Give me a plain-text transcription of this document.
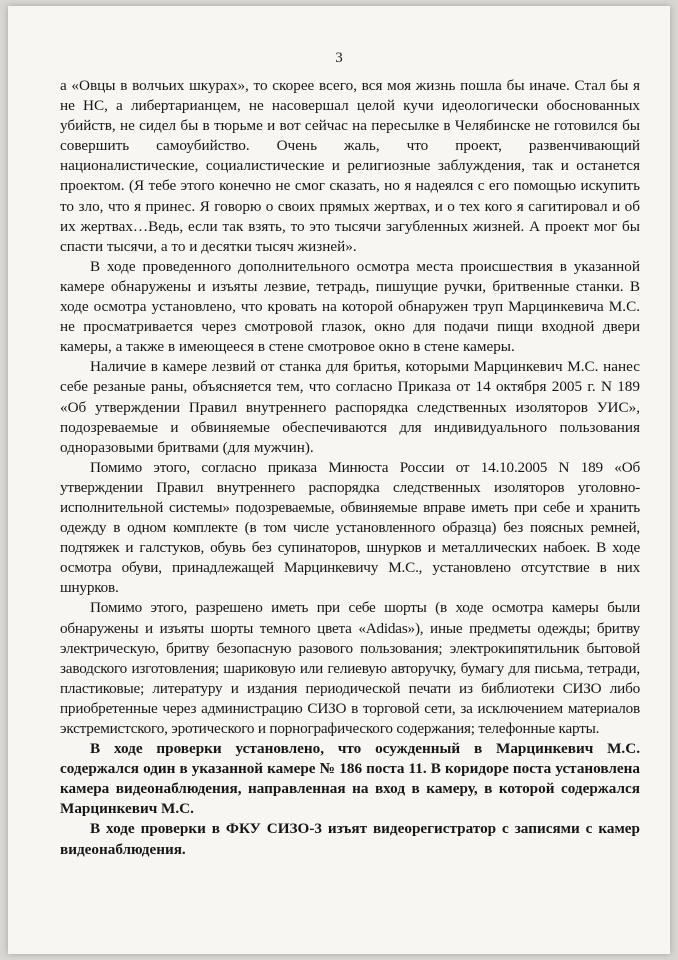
3

а «Овцы в волчьих шкурах», то скорее всего, вся моя жизнь пошла бы иначе. Стал бы я не НС, а либертарианцем, не насовершал целой кучи идеологически обоснованных убийств, не сидел бы в тюрьме и вот сейчас на пересылке в Челябинске не готовился бы совершить самоубийство. Очень жаль, что проект, развенчивающий националистические, социалистические и религиозные заблуждения, так и останется проектом. (Я тебе этого конечно не смог сказать, но я надеялся с его помощью искупить то зло, что я принес. Я говорю о своих прямых жертвах, и о тех кого я сагитировал и об их жертвах…Ведь, если так взять, то это тысячи загубленных жизней. А проект мог бы спасти тысячи, а то и десятки тысяч жизней».

В ходе проведенного дополнительного осмотра места происшествия в указанной камере обнаружены и изъяты лезвие, тетрадь, пишущие ручки, бритвенные станки. В ходе осмотра установлено, что кровать на которой обнаружен труп Марцинкевича М.С. не просматривается через смотровой глазок, окно для подачи пищи входной двери камеры, а также в имеющееся в стене смотровое окно в стене камеры.

Наличие в камере лезвий от станка для бритья, которыми Марцинкевич М.С. нанес себе резаные раны, объясняется тем, что согласно Приказа от 14 октября 2005 г. N 189 «Об утверждении Правил внутреннего распорядка следственных изоляторов УИС», подозреваемые и обвиняемые обеспечиваются для индивидуального пользования одноразовыми бритвами (для мужчин).

Помимо этого, согласно приказа Минюста России от 14.10.2005 N 189 «Об утверждении Правил внутреннего распорядка следственных изоляторов уголовно-исполнительной системы» подозреваемые, обвиняемые вправе иметь при себе и хранить одежду в одном комплекте (в том числе установленного образца) без поясных ремней, подтяжек и галстуков, обувь без супинаторов, шнурков и металлических набоек. В ходе осмотра обуви, принадлежащей Марцинкевичу М.С., установлено отсутствие в них шнурков.

Помимо этого, разрешено иметь при себе шорты (в ходе осмотра камеры были обнаружены и изъяты шорты темного цвета «Adidas»), иные предметы одежды; бритву электрическую, бритву безопасную разового пользования; электрокипятильник бытовой заводского изготовления; шариковую или гелиевую авторучку, бумагу для письма, тетради, пластиковые; литературу и издания периодической печати из библиотеки СИЗО либо приобретенные через администрацию СИЗО в торговой сети, за исключением материалов экстремистского, эротического и порнографического содержания; телефонные карты.

В ходе проверки установлено, что осужденный в Марцинкевич М.С. содержался один в указанной камере № 186 поста 11. В коридоре поста установлена камера видеонаблюдения, направленная на вход в камеру, в которой содержался Марцинкевич М.С.

В ходе проверки в ФКУ СИЗО-3 изъят видеорегистратор с записями с камер видеонаблюдения.
